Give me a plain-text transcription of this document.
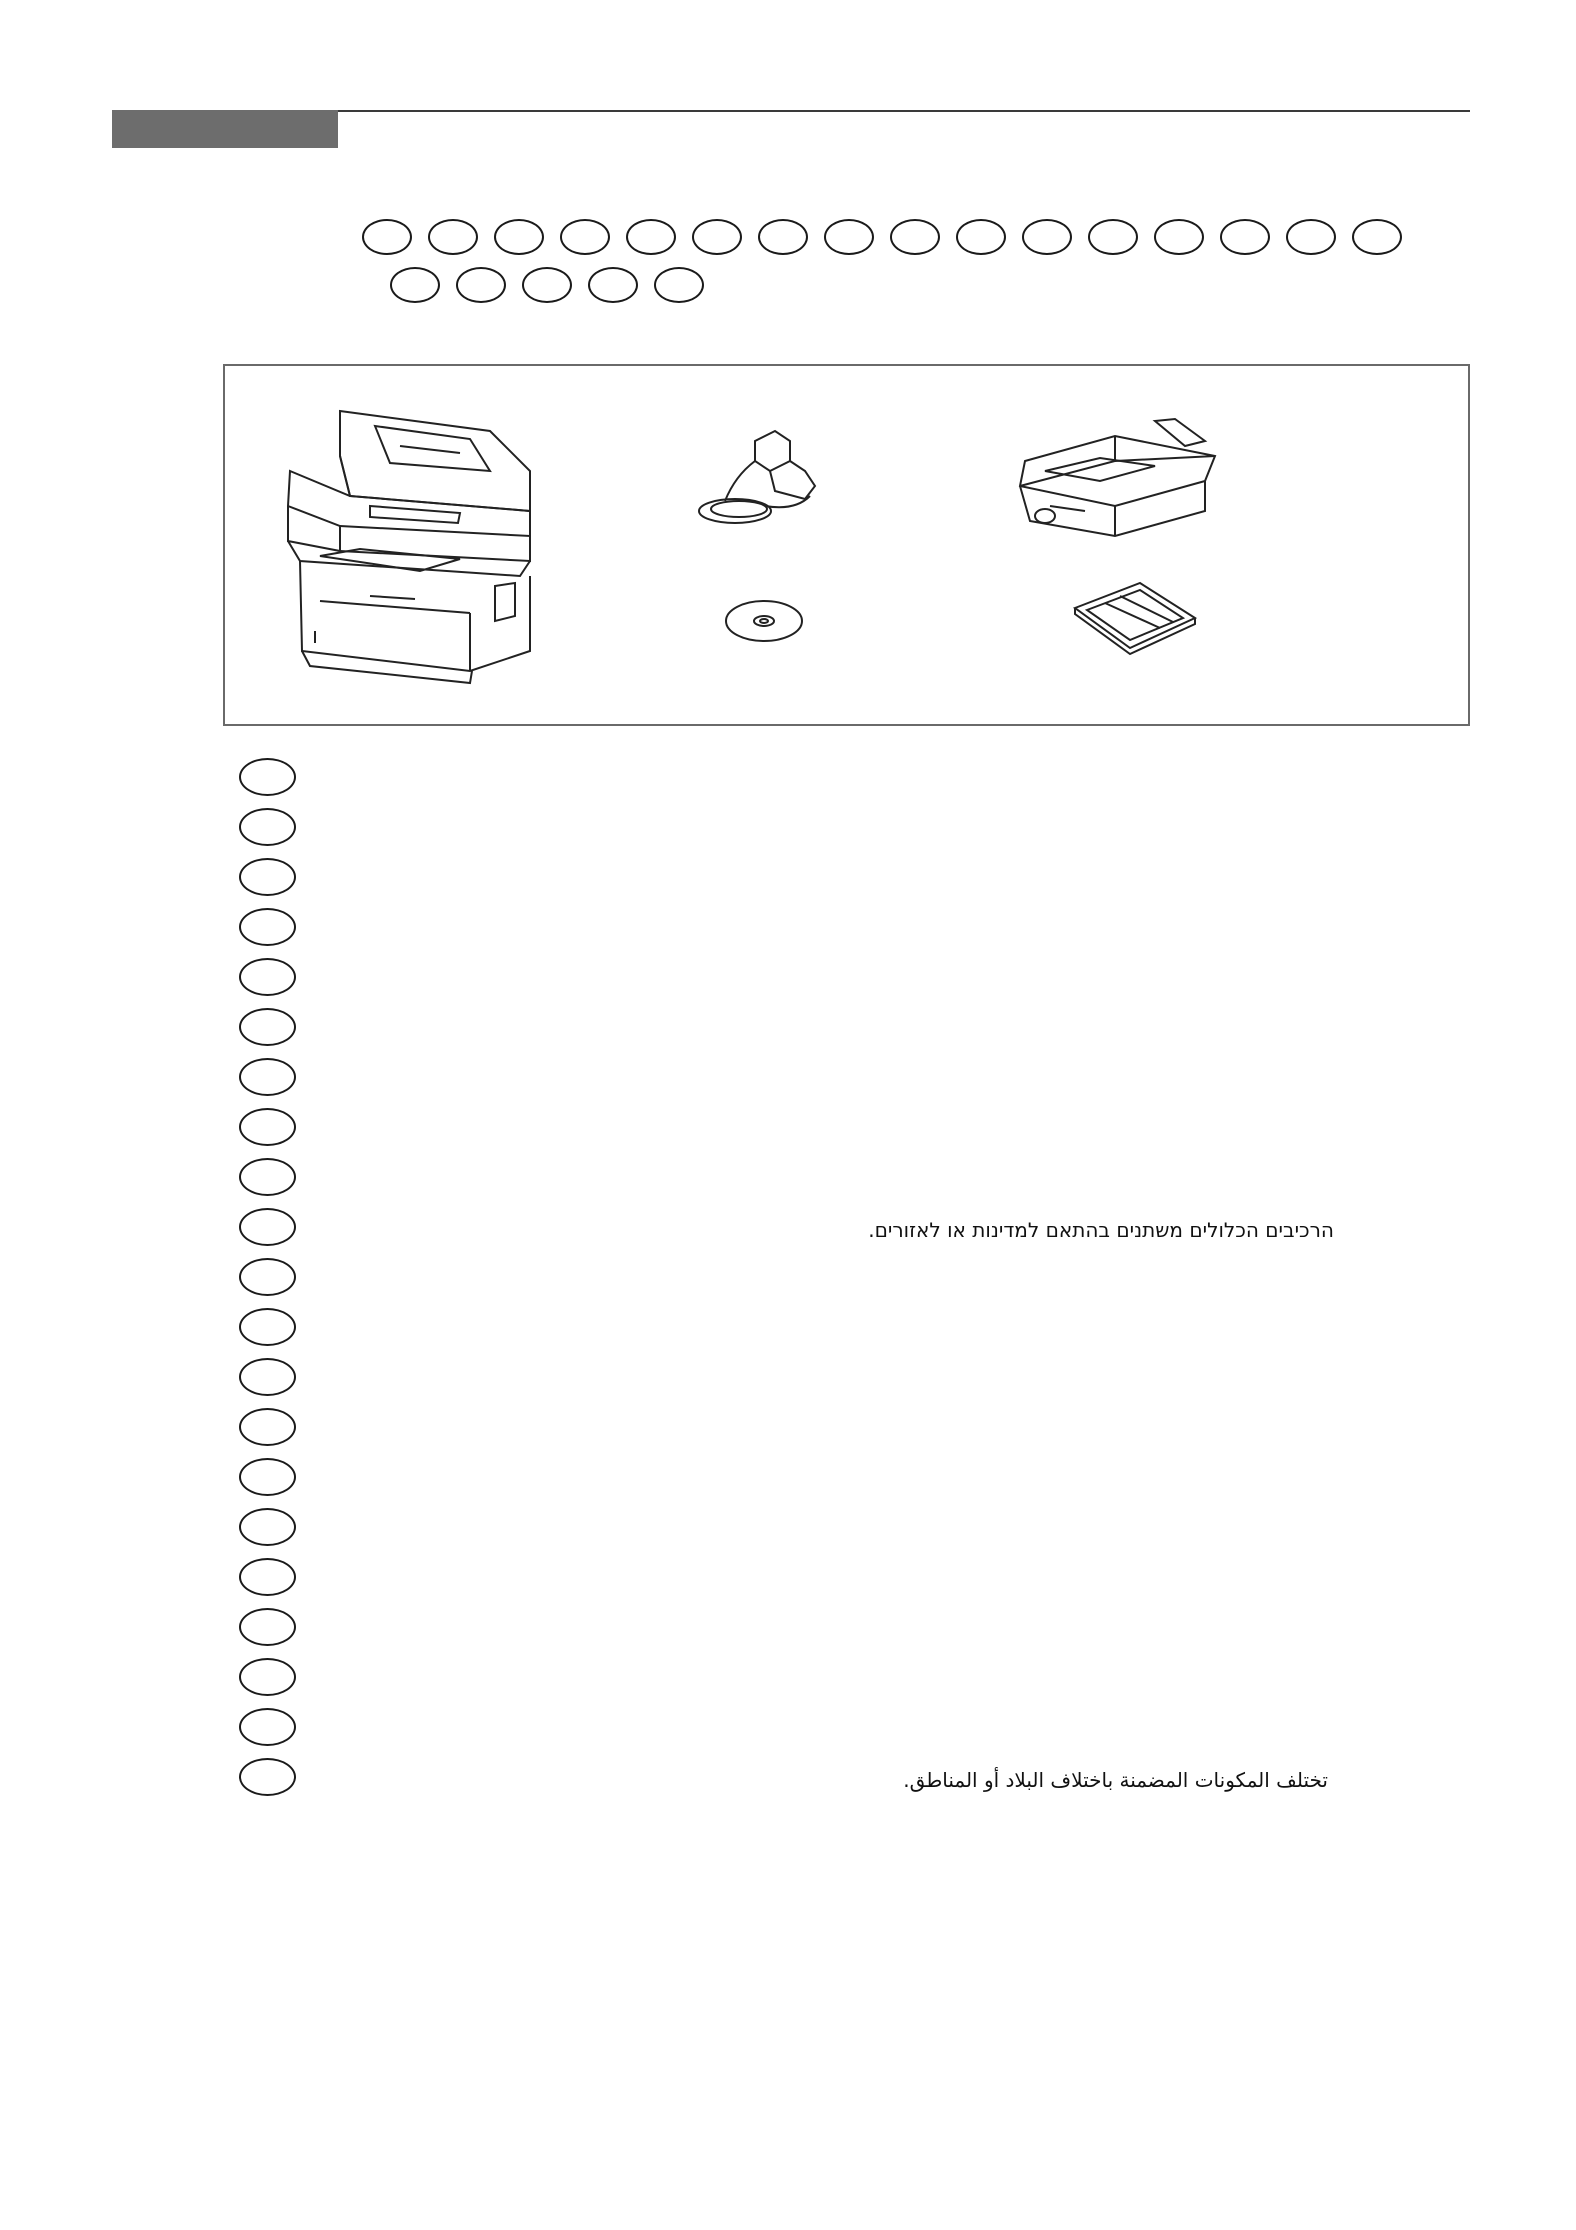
הרכיבים הכלולים משתנים בהתאם למדינות או לאזורים.
تختلف المكونات المضمنة باختلاف البلاد أو المناطق.
